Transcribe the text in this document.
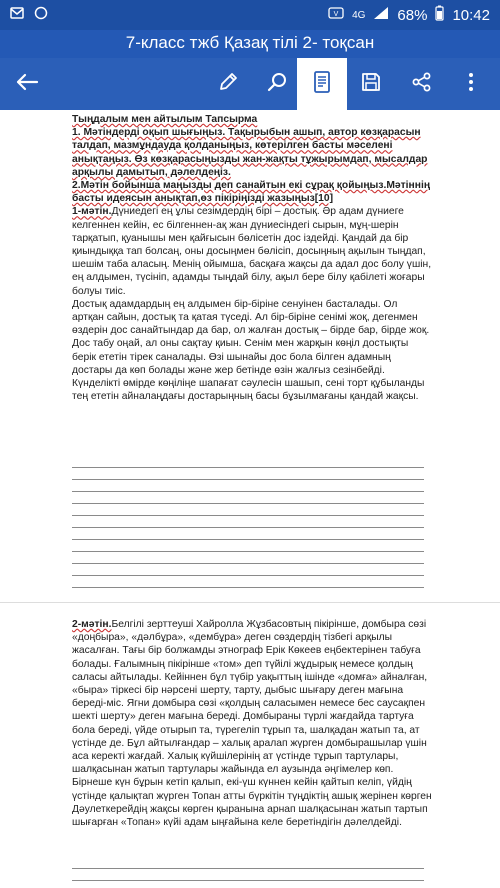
V 4G 68% 10:42
7-класс тжб Қазақ тілі 2- тоқсан

Тыңдалым мен айтылым Тапсырма

1. Мәтіндерді оқып шығыңыз. Тақырыбын ашып, автор көзқарасын талдап, мазмұндауда қолданыңыз, көтерілген басты мәселені анықтаңыз. Өз көзқарасыңызды жан-жақты тұжырымдап, мысалдар арқылы дамытып, дәлелдеңіз.

2.Мәтін бойынша маңызды деп санайтын екі сұрақ қойыңыз.Мәтіннің басты идеясын анықтап,өз пікіріңізді жазыңыз[10]

1-мәтін.Дүниедегі ең ұлы сезімдердің бірі – достық. Әр адам дүниеге келгеннен кейін, ес білгеннен-ақ жан дүниесіндегі сырын, мұң-шерін тарқатып, қуанышы мен қайғысын бөлісетін дос іздейді. Қандай да бір қиындыққа тап болсаң, оны досыңмен бөлісіп, досыңның ақылын тыңдап, шешім таба аласың. Менің ойымша, басқаға жақсы да адал дос болу үшін, ең алдымен, түсініп, адамды тыңдай білу, ақыл бере білу қабілеті жоғары болуы тиіс.

Достық адамдардың ең алдымен бір-біріне сенуінен басталады. Ол артқан сайын, достық та қатая түседі. Ал бір-біріне сенімі жоқ, дегенмен өздерін дос санайтындар да бар, ол жалған достық – бірде бар, бірде жоқ.

Дос табу оңай, ал оны сақтау қиын. Сенім мен жарқын көңіл достықты берік ететін тірек саналады. Өзі шынайы дос бола білген адамның достары да көп болады және жер бетінде өзін жалғыз сезінбейді. Күнделікті өмірде көңіліңе шапағат сәулесін шашып, сені торт құбыланды тең ететін айналаңдағы достарыңның басы бұзылмағаны қандай жақсы.

2-мәтін.Белгілі зерттеуші Хайролла Жұзбасовтың пікірінше, домбыра сөзі «доңбыра», «дəлбұра», «дембұра» деген сөздердің тізбегі арқылы жасалған. Тағы бір болжамды этнограф Ерік Көкеев еңбектерінен табуға болады. Ғалымның пікірінше «том» деп түйілі жұдырық немесе қолдың саласы айтылады. Кейіннен бұл түбір уақыттың ішінде «домға» айналған, «быра» тіркесі бір нәрсені шерту, тарту, дыбыс шығару деген мағына береді-міс. Ягни домбыра сөзі «қолдың саласымен немесе бес саусақпен шекті шерту» деген мағына береді. Домбыраны түрлі жағдайда тартуға бола береді, үйде отырып та, түрегеліп тұрып та, шалқадан жатып та, ат үстінде де. Бұл айтылғандар – халық аралап жүрген домбырашылар үшін аса керекті жағдай. Халық күйшілерінің ат үстінде тұрып тартулары, шалқасынан жатып тартулары жайында ел аузында әңгімелер көп. Бірнеше күн бұрын кетіп қалып, екі-үш күннен кейін қайтып келіп, үйдің үстінде қалықтап жүрген Топан атты бүркітін түңдіктің ашық жерінен көрген Дәулеткерейдің жақсы көрген қыранына арнап шалқасынан жатып тартып шығарған «Топан» күйі адам ыңғайына келе беретіндігін дәлелдейді.
